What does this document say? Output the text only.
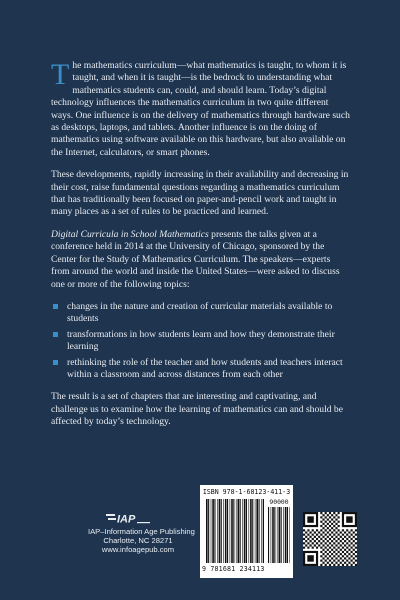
The mathematics curriculum—what mathematics is taught, to whom it is taught, and when it is taught—is the bedrock to understanding what mathematics students can, could, and should learn. Today’s digital technology influences the mathematics curriculum in two quite different ways. One influence is on the delivery of mathematics through hardware such as desktops, laptops, and tablets. Another influence is on the doing of mathematics using software available on this hardware, but also available on the Internet, calculators, or smart phones.

These developments, rapidly increasing in their availability and decreasing in their cost, raise fundamental questions regarding a mathematics curriculum that has traditionally been focused on paper-and-pencil work and taught in many places as a set of rules to be practiced and learned.

Digital Curricula in School Mathematics presents the talks given at a conference held in 2014 at the University of Chicago, sponsored by the Center for the Study of Mathematics Curriculum. The speakers—experts from around the world and inside the United States—were asked to discuss one or more of the following topics:

changes in the nature and creation of curricular materials available to students
transformations in how students learn and how they demonstrate their learning
rethinking the role of the teacher and how students and teachers interact within a classroom and across distances from each other

The result is a set of chapters that are interesting and captivating, and challenge us to examine how the learning of mathematics can and should be affected by today’s technology.

IAP
IAP–Information Age Publishing
Charlotte, NC 28271
www.infoagepub.com
ISBN 978-1-68123-411-3
90000
9 781681 234113
